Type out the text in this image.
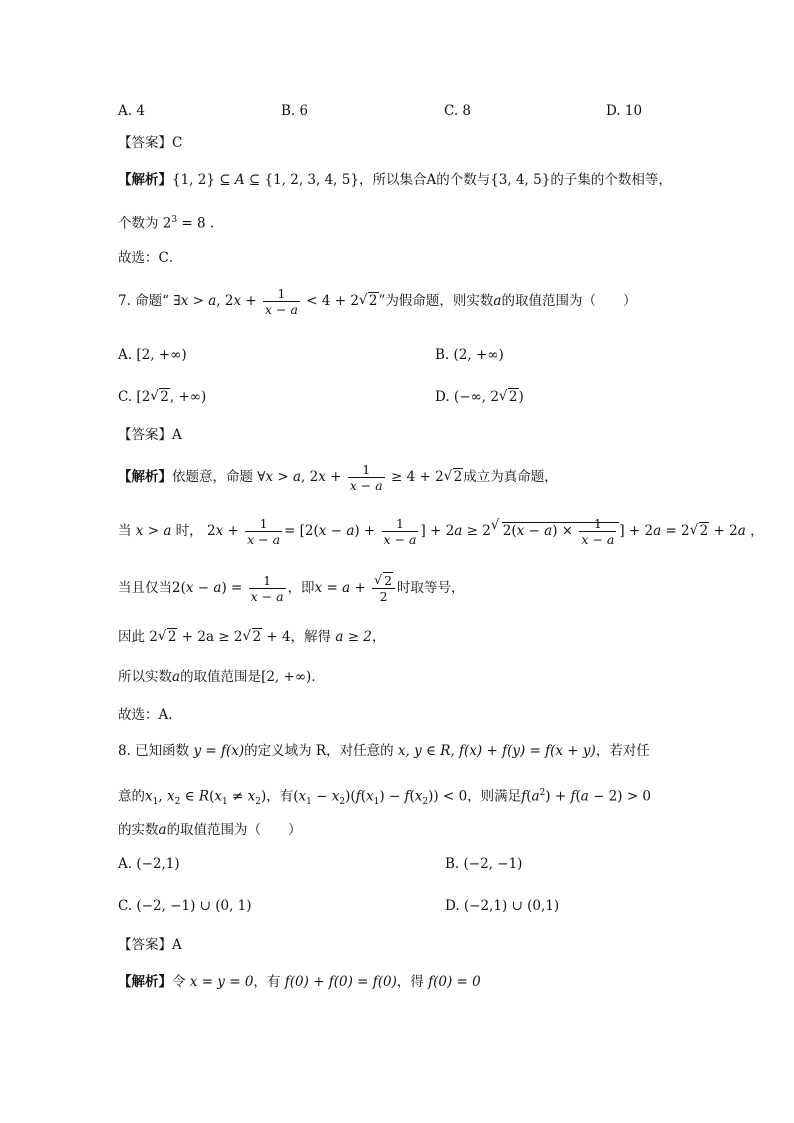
A. 4	B. 6	C. 8	D. 10
【答案】C
【解析】{1, 2} ⊆ A ⊆ {1, 2, 3, 4, 5}，所以集合A的个数与{3, 4, 5}的子集的个数相等，
个数为 $2^3 = 8$ .
故选：C．
7. 命题“ ∃x > a, $2x + \frac{1}{x - a} < 4 + 2√$ 2”为假命题，则实数a的取值范围为（　　）
A. [2, +∞)	B. (2, +∞)
C. [2√ 2, +∞)	D. (−∞, 2√ 2)
【答案】A
【解析】依题意，命题 ∀x > a, $2x + \frac{1}{x - a} \ge 4 + 2√$ 2成立为真命题，
当 x > a 时， $2x + \frac{1}{x - a} = [2(x - a) + \frac{1}{x - a}$ ] + 2a ≥ 2√ $2(x - a) \times \frac{1}{x - a}$ ] + 2a = 2√ 2 + 2a ，
当且仅当$2(x - a) = \frac{1}{x - a}$ ，即x = a +
√ $\frac{2}{2}$ 时取等号，
因此 2√ 2 + 2a ≥ 2√ 2 + 4，解得 a ≥ 2，
所以实数a的取值范围是[2, +∞)．
故选：A.
8. 已知函数 y = f(x)的定义域为 R，对任意的 x, y ∈ R, f(x) + f(y) = f(x + y)，若对任
意的$x_1$, $x_2$ ∈ $R(x_1 \ne x_2)$，有$(x_1 - x_2)(f(x_1) - f(x_2)) < 0$，则满足$f(a^2) + f(a - 2) > 0$
的实数a的取值范围为（　　）
A. (−2,1)	B. (−2, −1)
C. (−2, −1) ∪ (0, 1)	D. (−2,1) ∪ (0,1)
【答案】A
【解析】令 x = y = 0，有 f(0) + f(0) = f(0)，得 f(0) = 0
